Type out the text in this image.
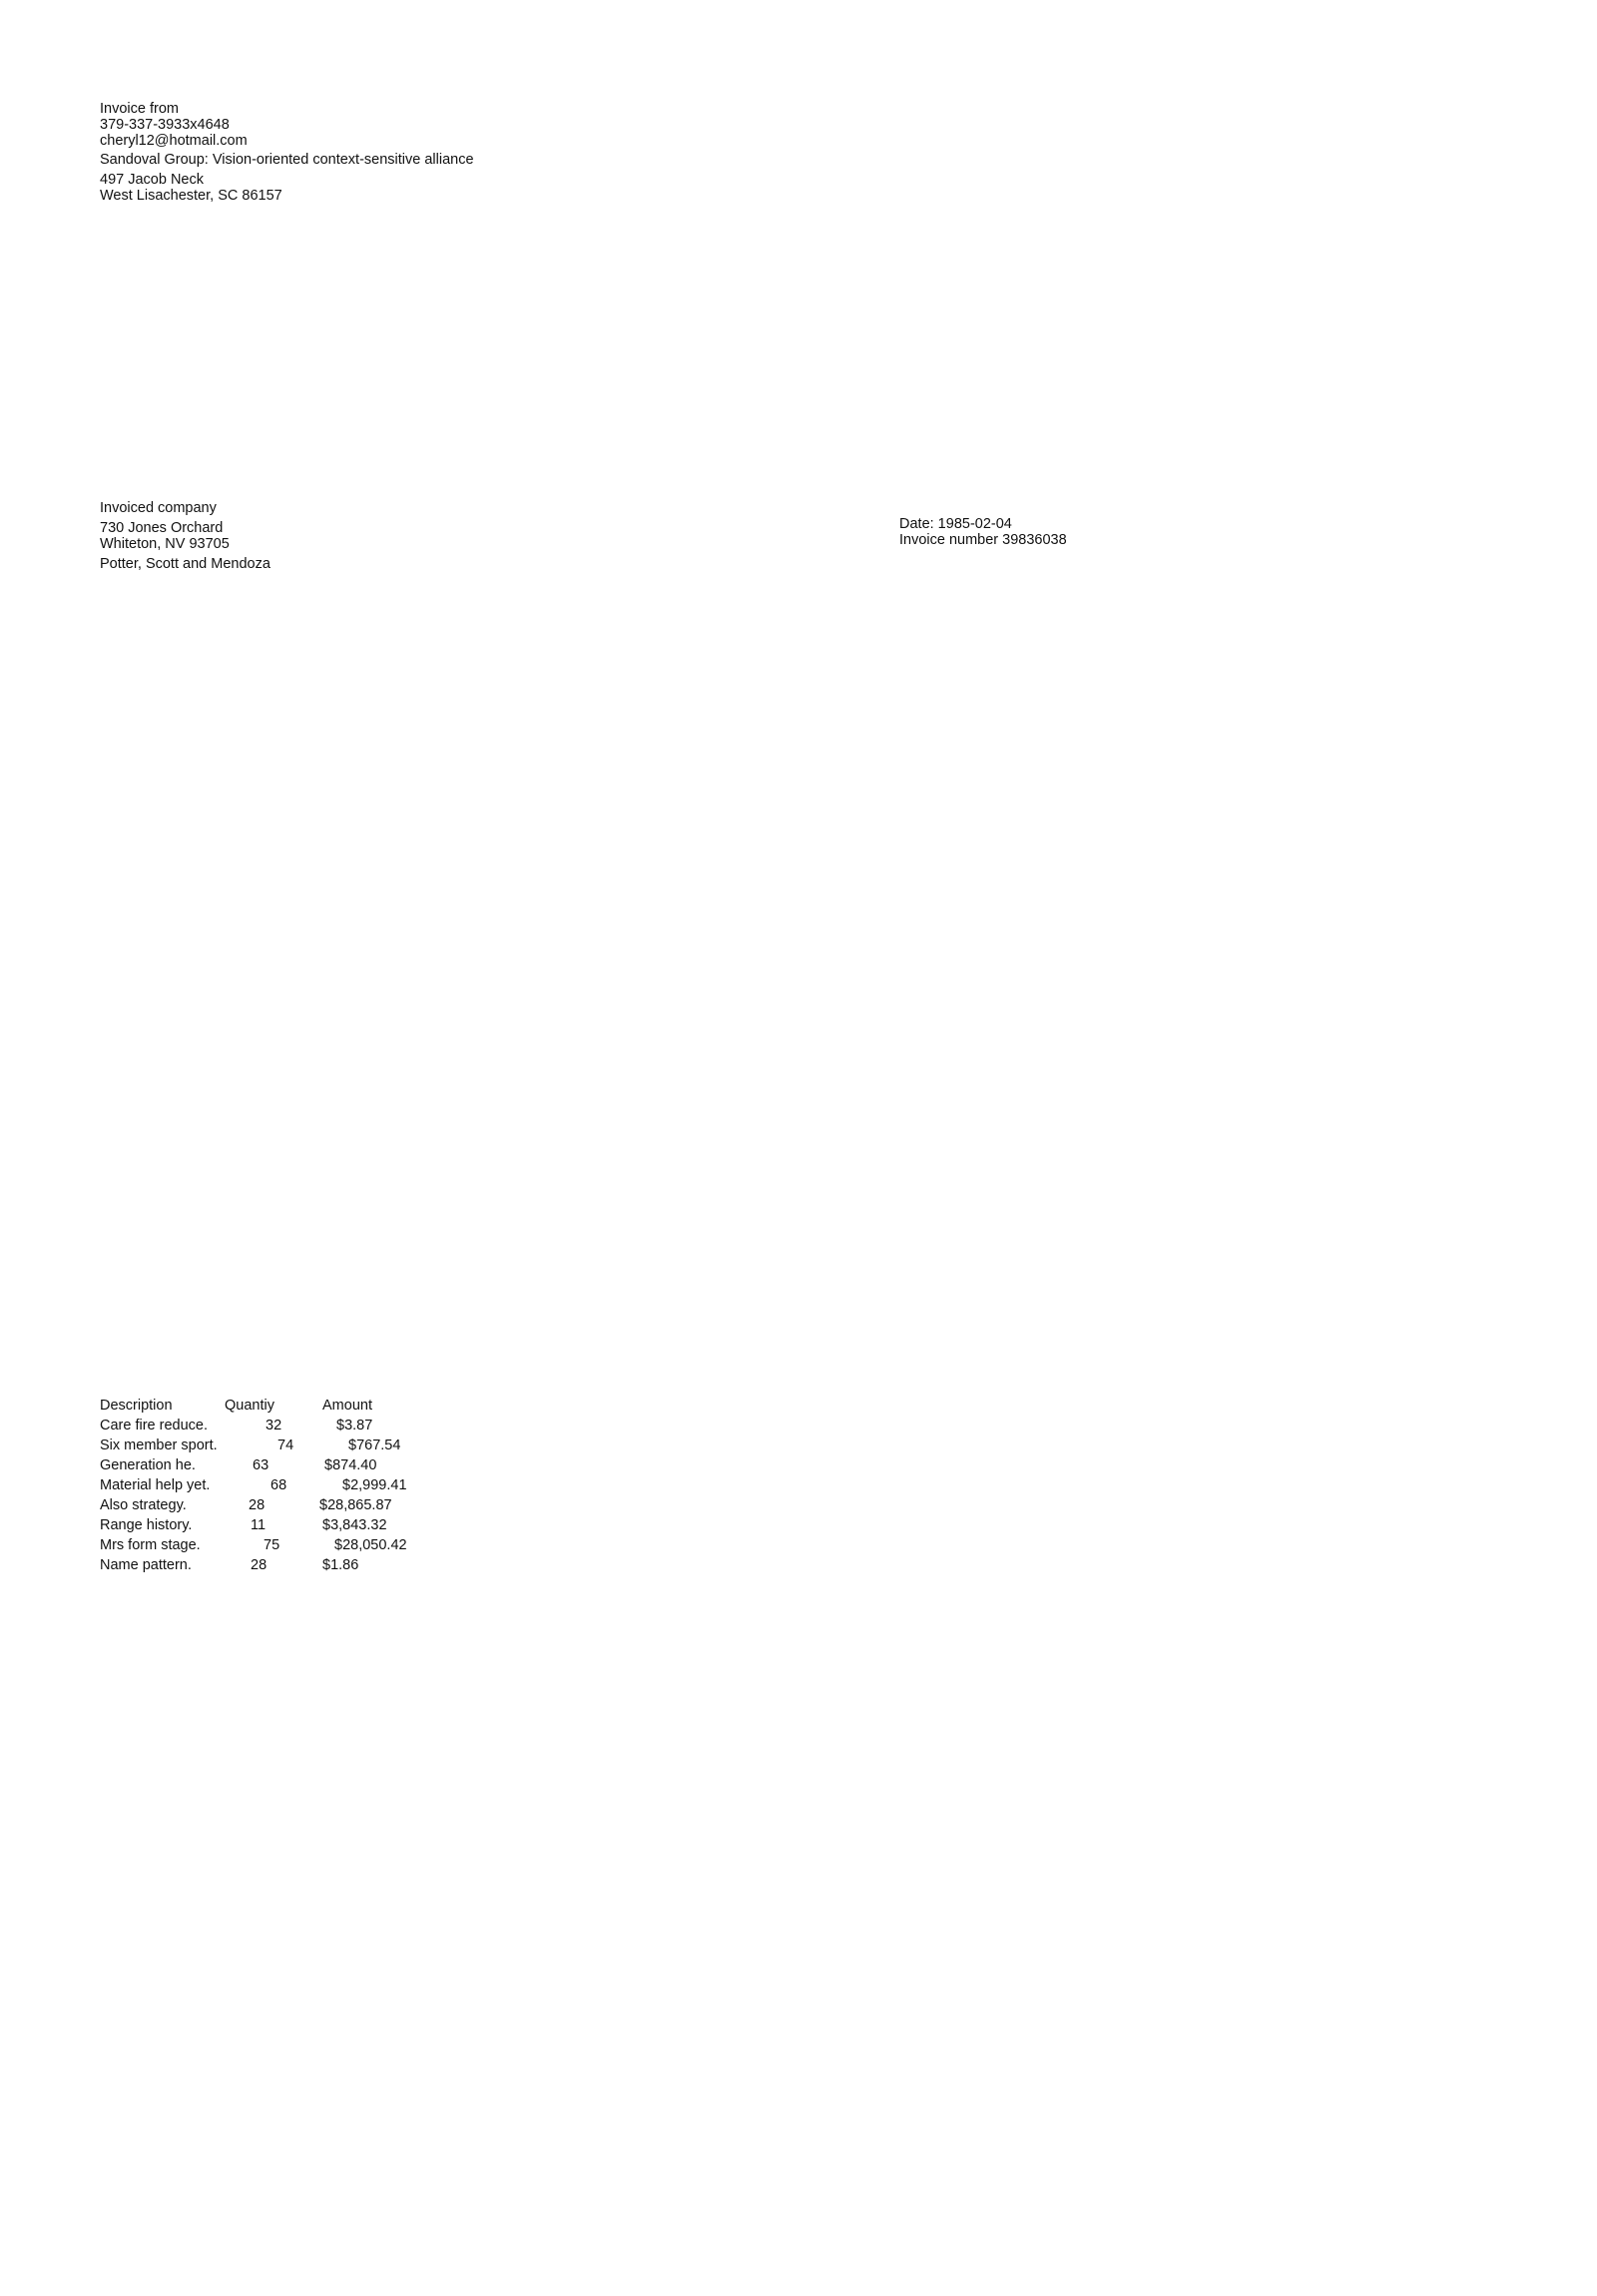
Invoice from
379-337-3933x4648
cheryl12@hotmail.com
Sandoval Group: Vision-oriented context-sensitive alliance
497 Jacob Neck
West Lisachester, SC 86157
Invoiced company
730 Jones Orchard
Whiteton, NV 93705
Potter, Scott and Mendoza
Date: 1985-02-04
Invoice number 39836038
Description	Quantiy	Amount
Care fire reduce.	32	$3.87
Six member sport.	74	$767.54
Generation he.	63	$874.40
Material help yet.	68	$2,999.41
Also strategy.	28	$28,865.87
Range history.	11	$3,843.32
Mrs form stage.	75	$28,050.42
Name pattern.	28	$1.86
